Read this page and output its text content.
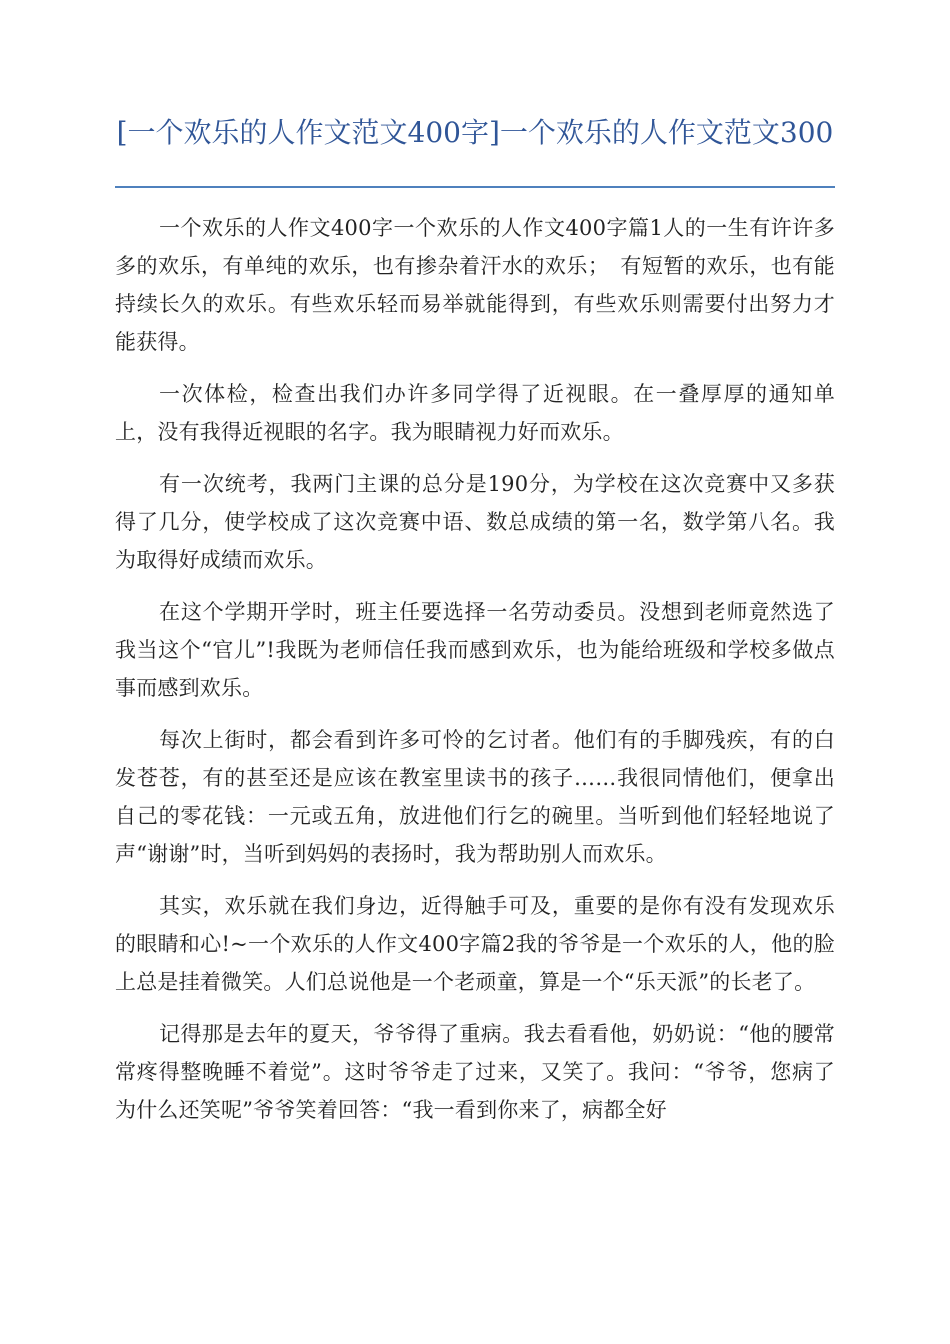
[一个欢乐的人作文范文400字]一个欢乐的人作文范文300

一个欢乐的人作文400字一个欢乐的人作文400字篇1人的一生有许许多多的欢乐，有单纯的欢乐，也有掺杂着汗水的欢乐；　有短暂的欢乐，也有能持续长久的欢乐。有些欢乐轻而易举就能得到，有些欢乐则需要付出努力才能获得。

一次体检，检查出我们办许多同学得了近视眼。在一叠厚厚的通知单上，没有我得近视眼的名字。我为眼睛视力好而欢乐。

有一次统考，我两门主课的总分是190分，为学校在这次竞赛中又多获得了几分，使学校成了这次竞赛中语、数总成绩的第一名，数学第八名。我为取得好成绩而欢乐。

在这个学期开学时，班主任要选择一名劳动委员。没想到老师竟然选了我当这个“官儿”!我既为老师信任我而感到欢乐，也为能给班级和学校多做点事而感到欢乐。

每次上街时，都会看到许多可怜的乞讨者。他们有的手脚残疾，有的白发苍苍，有的甚至还是应该在教室里读书的孩子……我很同情他们，便拿出自己的零花钱：一元或五角，放进他们行乞的碗里。当听到他们轻轻地说了声“谢谢”时，当听到妈妈的表扬时，我为帮助别人而欢乐。

其实，欢乐就在我们身边，近得触手可及，重要的是你有没有发现欢乐的眼睛和心!~一个欢乐的人作文400字篇2我的爷爷是一个欢乐的人，他的脸上总是挂着微笑。人们总说他是一个老顽童，算是一个“乐天派”的长老了。

记得那是去年的夏天，爷爷得了重病。我去看看他，奶奶说：“他的腰常常疼得整晚睡不着觉”。这时爷爷走了过来，又笑了。我问：“爷爷，您病了为什么还笑呢”爷爷笑着回答：“我一看到你来了，病都全好
